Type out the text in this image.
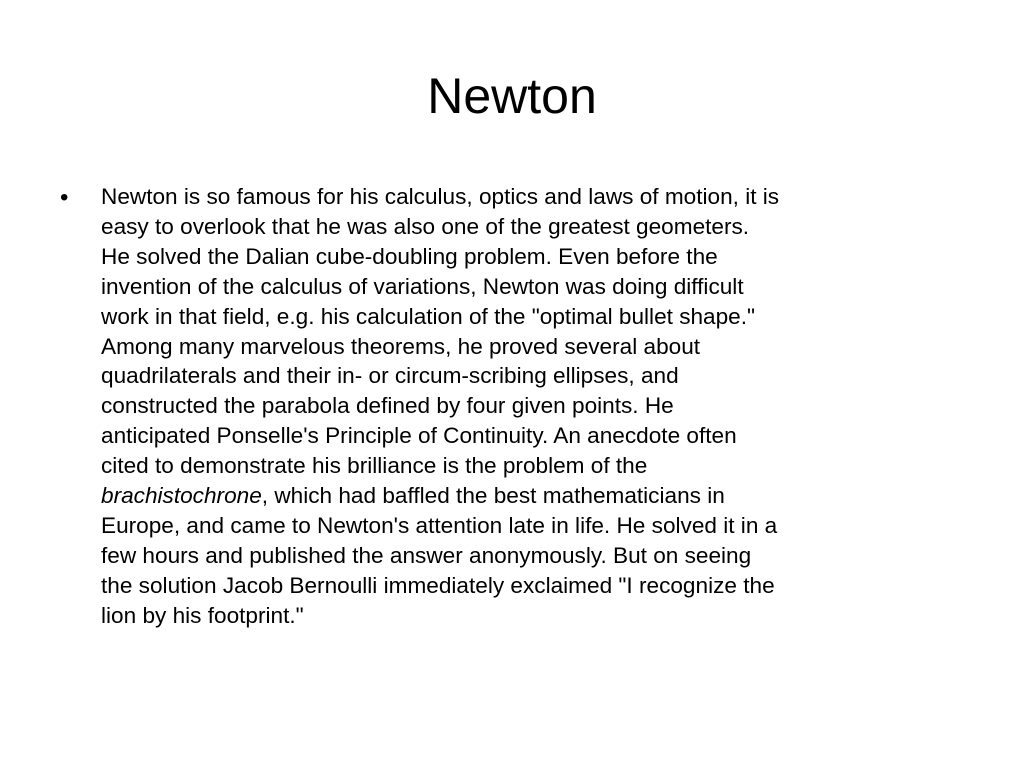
Newton
• Newton is so famous for his calculus, optics and laws of motion, it is
easy to overlook that he was also one of the greatest geometers.
He solved the Dalian cube-doubling problem. Even before the
invention of the calculus of variations, Newton was doing difficult
work in that field, e.g. his calculation of the "optimal bullet shape."
Among many marvelous theorems, he proved several about
quadrilaterals and their in- or circum-scribing ellipses, and
constructed the parabola defined by four given points. He
anticipated Ponselle's Principle of Continuity. An anecdote often
cited to demonstrate his brilliance is the problem of the
brachistochrone, which had baffled the best mathematicians in
Europe, and came to Newton's attention late in life. He solved it in a
few hours and published the answer anonymously. But on seeing
the solution Jacob Bernoulli immediately exclaimed "I recognize the
lion by his footprint."
